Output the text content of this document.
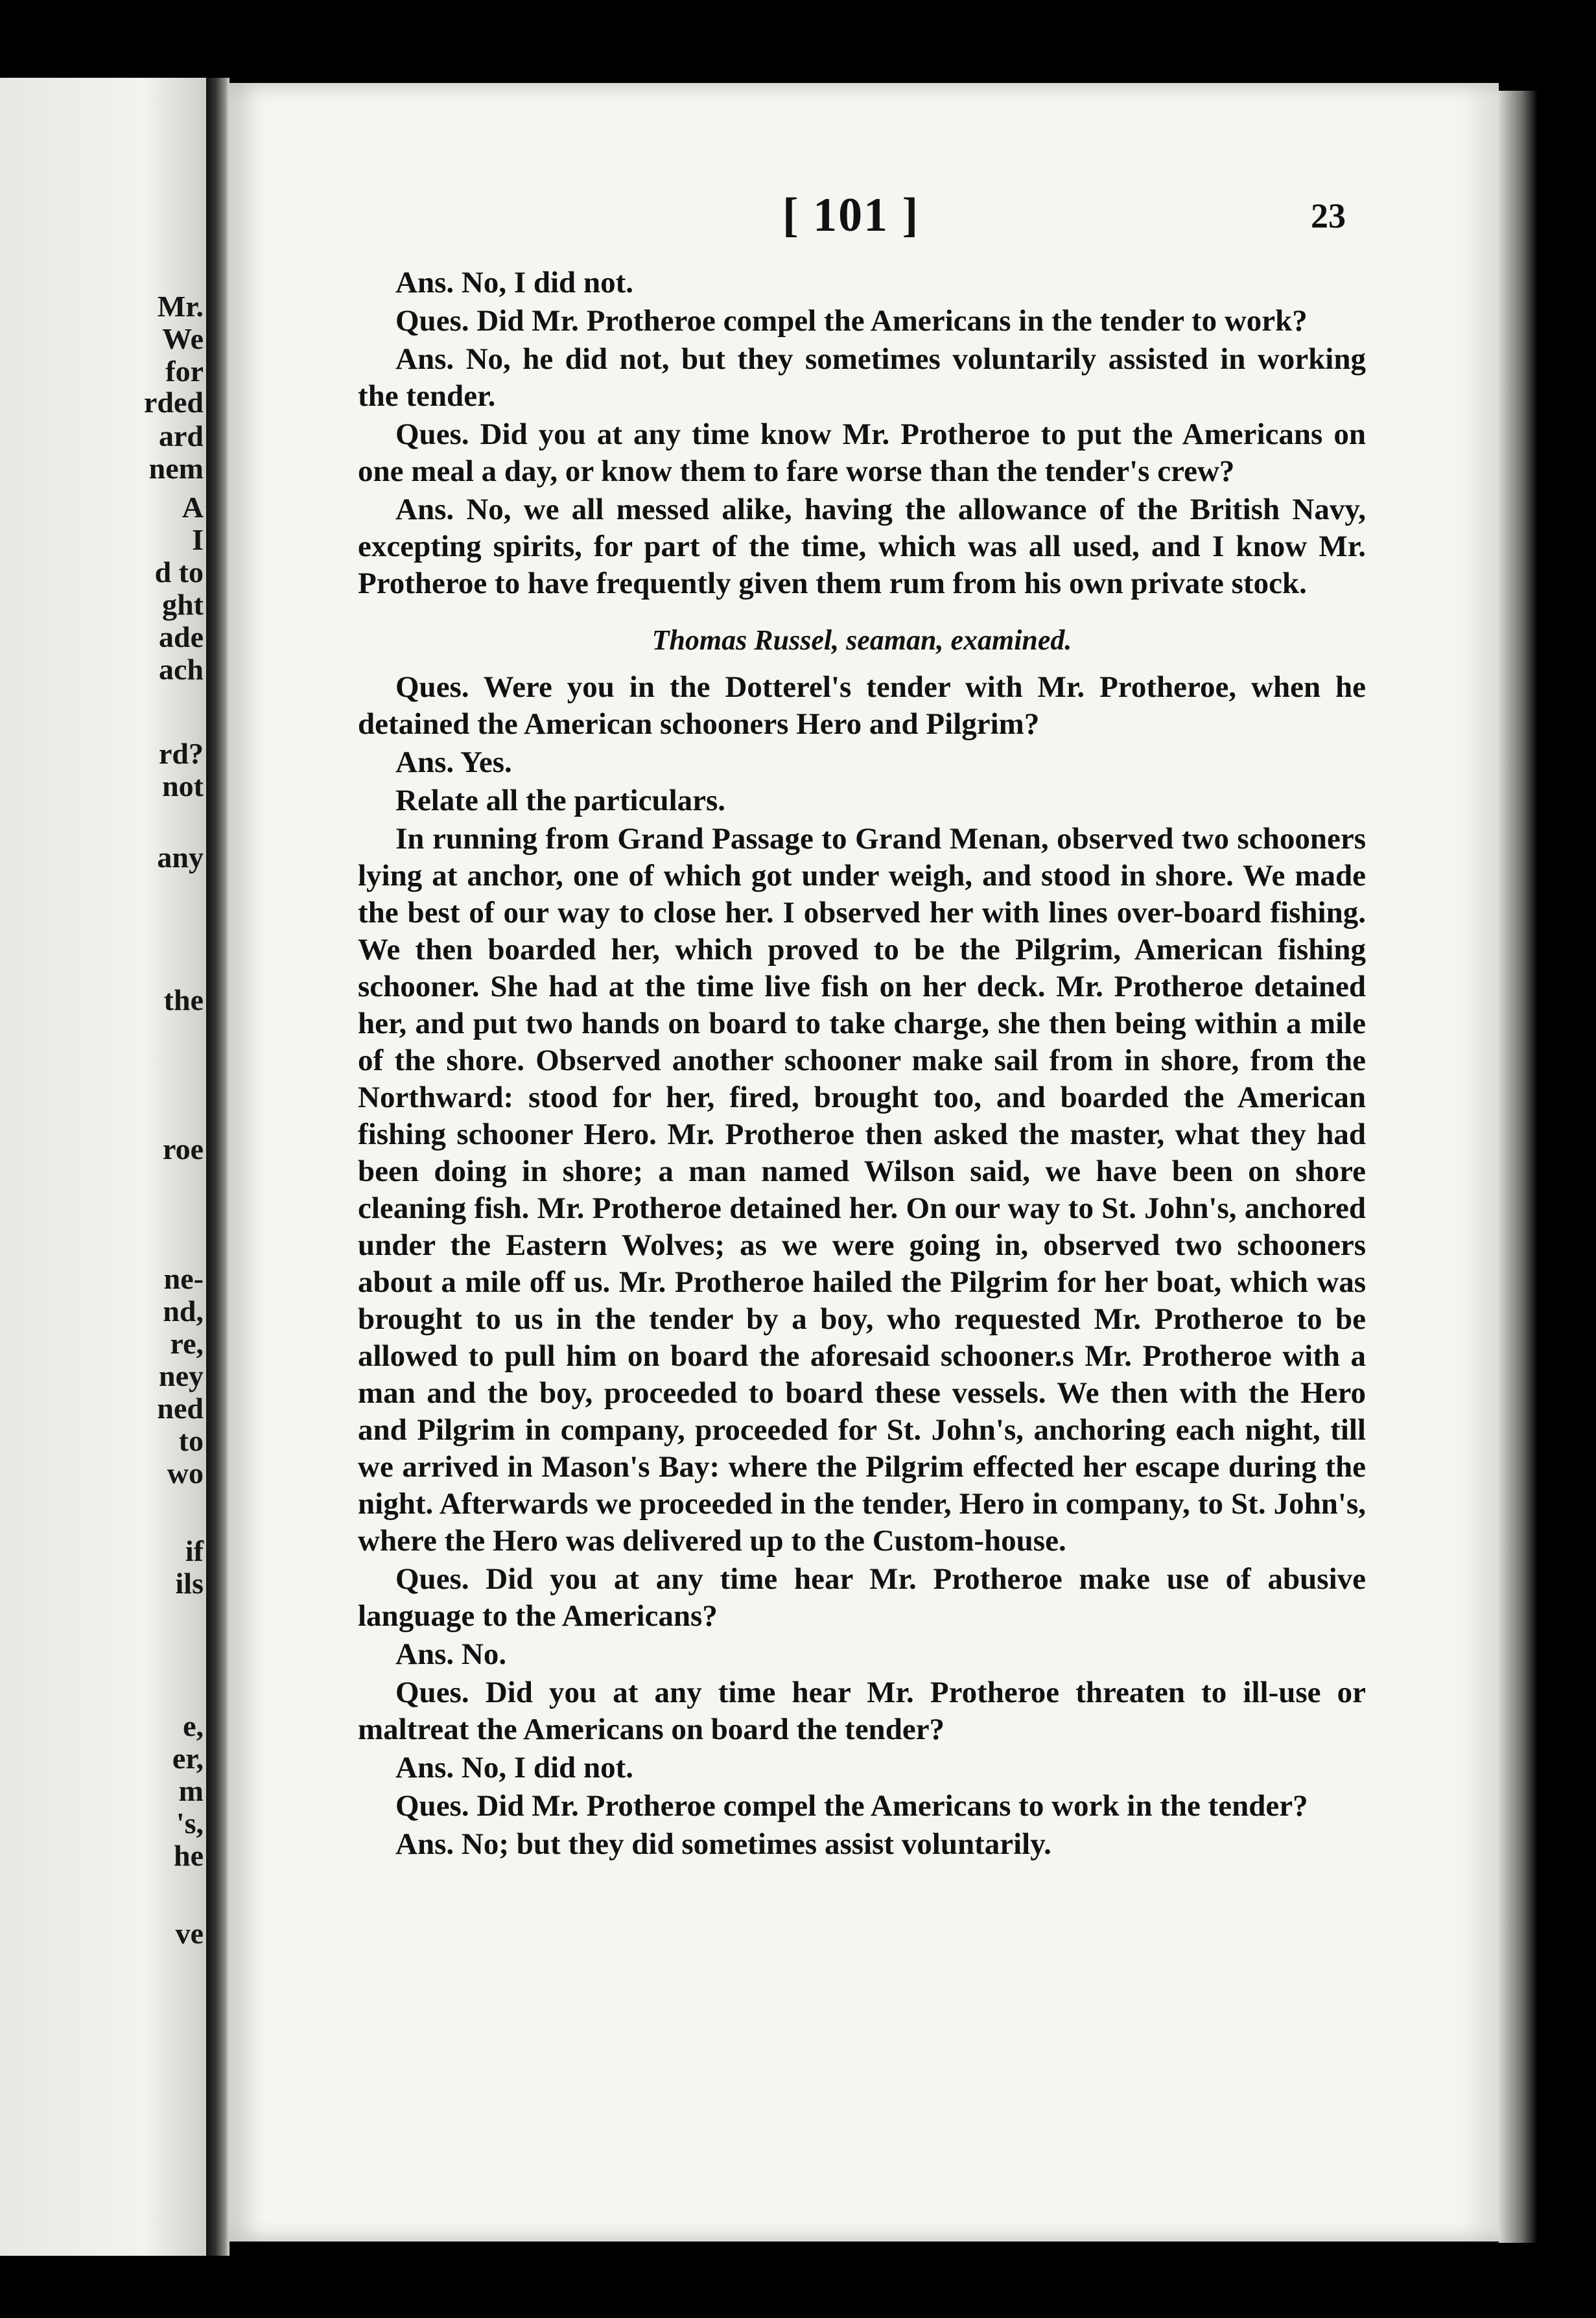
Mr.
We
for
rded
ard
nem
A
I
d to
ght
ade
ach
rd?
not
any
the
roe
ne-
nd,
re,
ney
ned
to
wo
if
ils
e,
er,
m
's,
he
ve
[ 101 ]	23

Ans. No, I did not.

Ques. Did Mr. Protheroe compel the Americans in the tender to work?

Ans. No, he did not, but they sometimes voluntarily assisted in working the tender.

Ques. Did you at any time know Mr. Protheroe to put the Americans on one meal a day, or know them to fare worse than the tender's crew?

Ans. No, we all messed alike, having the allowance of the British Navy, excepting spirits, for part of the time, which was all used, and I know Mr. Protheroe to have frequently given them rum from his own private stock.

Thomas Russel, seaman, examined.

Ques. Were you in the Dotterel's tender with Mr. Protheroe, when he detained the American schooners Hero and Pilgrim?

Ans. Yes.

Relate all the particulars.

In running from Grand Passage to Grand Menan, observed two schooners lying at anchor, one of which got under weigh, and stood in shore. We made the best of our way to close her. I observed her with lines over-board fishing. We then boarded her, which proved to be the Pilgrim, American fishing schooner. She had at the time live fish on her deck. Mr. Protheroe detained her, and put two hands on board to take charge, she then being within a mile of the shore. Observed another schooner make sail from in shore, from the Northward: stood for her, fired, brought too, and boarded the American fishing schooner Hero. Mr. Protheroe then asked the master, what they had been doing in shore; a man named Wilson said, we have been on shore cleaning fish. Mr. Protheroe detained her. On our way to St. John's, anchored under the Eastern Wolves; as we were going in, observed two schooners about a mile off us. Mr. Protheroe hailed the Pilgrim for her boat, which was brought to us in the tender by a boy, who requested Mr. Protheroe to be allowed to pull him on board the aforesaid schooner.s Mr. Protheroe with a man and the boy, proceeded to board these vessels. We then with the Hero and Pilgrim in company, proceeded for St. John's, anchoring each night, till we arrived in Mason's Bay: where the Pilgrim effected her escape during the night. Afterwards we proceeded in the tender, Hero in company, to St. John's, where the Hero was delivered up to the Custom-house.

Ques. Did you at any time hear Mr. Protheroe make use of abusive language to the Americans?

Ans. No.

Ques. Did you at any time hear Mr. Protheroe threaten to ill-use or maltreat the Americans on board the tender?

Ans. No, I did not.

Ques. Did Mr. Protheroe compel the Americans to work in the tender?

Ans. No; but they did sometimes assist voluntarily.
